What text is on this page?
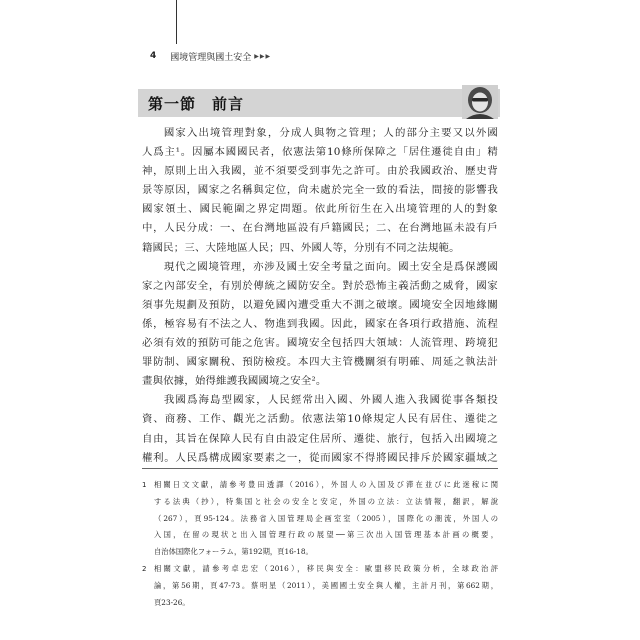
4 國境管理與國土安全 ▶▶▶
第一節　前言

國家入出境管理對象，分成人與物之管理；人的部分主要又以外國
人爲主¹。因屬本國國民者，依憲法第10條所保障之「居住遷徙自由」精
神，原則上出入我國，並不須要受到事先之許可。由於我國政治、歷史背
景等原因，國家之名稱與定位，尙未處於完全一致的看法，間接的影響我
國家領土、國民範圍之界定問題。依此所衍生在入出境管理的人的對象
中，人民分成：一、在台灣地區設有戶籍國民；二、在台灣地區未設有戶
籍國民；三、大陸地區人民；四、外國人等，分別有不同之法規範。

現代之國境管理，亦涉及國土安全考量之面向。國土安全是爲保護國
家之內部安全，有別於傳統之國防安全。對於恐怖主義活動之威脅，國家
須事先規劃及預防，以避免國內遭受重大不測之破壞。國境安全因地緣關
係，極容易有不法之人、物進到我國。因此，國家在各項行政措施、流程
必須有效的預防可能之危害。國境安全包括四大領域：人流管理、跨境犯
罪防制、國家關稅、預防檢疫。本四大主管機關須有明確、周延之執法計
畫與依據，始得維護我國國境之安全²。

我國爲海島型國家，人民經常出入國、外國人進入我國從事各類投
資、商務、工作、觀光之活動。依憲法第10條規定人民有居住、遷徙之
自由，其旨在保障人民有自由設定住居所、遷徙、旅行，包括入出國境之
權利。人民爲構成國家要素之一，從而國家不得將國民排斥於國家疆域之

1 相關日文文獻，請參考豊田透譯（2016），外国人の入国及び滞在並びに此迷稼に関
する法典（抄），特集国と社会の安全と安定，外国の立法：立法情報，翻訳，解說
（267），頁95-124。法務省入国管理局企画室室（2005），国際化の潮流，外国人の
入国，在留の現状と出入国管理行政の展望──第三次出入国管理基本計画の概要，
自治体国際化フォーラム，第192期，頁16-18。
2 相關文獻，請參考卓忠宏（2016），移民與安全：歐盟移民政策分析，全球政治評
論，第56期，頁47-73。蔡明星（2011），美國國土安全與人權，主計月刊，第662期，
頁23-26。
